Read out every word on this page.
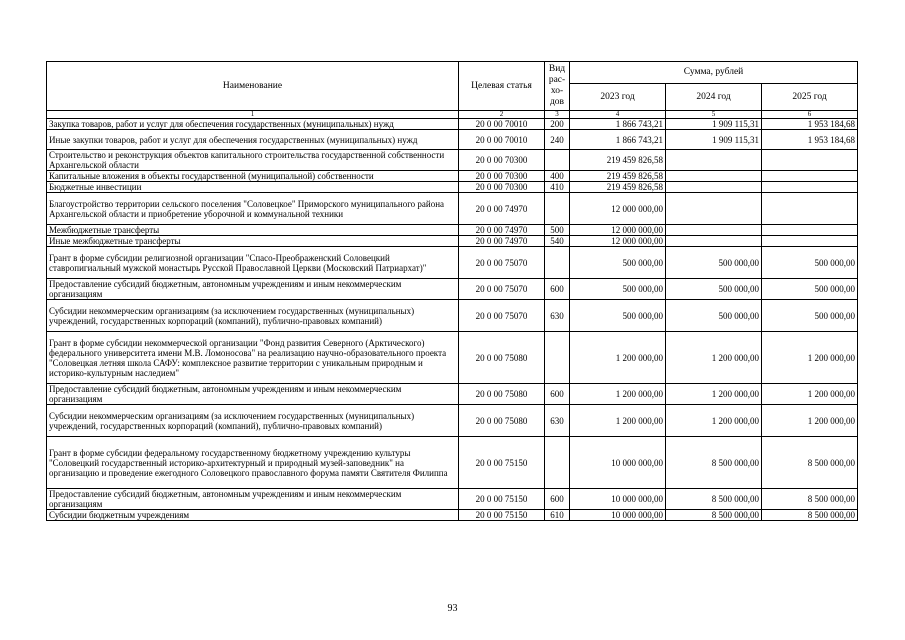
Наименование	Целевая статья	Вид рас-хо-дов	Сумма, рублей		
			2023 год	2024 год	2025 год
1	2	3	4	5	6
Закупка товаров, работ и услуг для обеспечения государственных (муниципальных) нужд	20 0 00 70010	200	1 866 743,21	1 909 115,31	1 953 184,68
Иные закупки товаров, работ и услуг для обеспечения государственных (муниципальных) нужд	20 0 00 70010	240	1 866 743,21	1 909 115,31	1 953 184,68
Строительство и реконструкция объектов капитального строительства государственной собственности Архангельской области	20 0 00 70300		219 459 826,58		
Капитальные вложения в объекты государственной (муниципальной) собственности	20 0 00 70300	400	219 459 826,58		
Бюджетные инвестиции	20 0 00 70300	410	219 459 826,58		
Благоустройство территории сельского поселения "Соловецкое" Приморского муниципального района Архангельской области и приобретение уборочной и коммунальной техники	20 0 00 74970		12 000 000,00		
Межбюджетные трансферты	20 0 00 74970	500	12 000 000,00		
Иные межбюджетные трансферты	20 0 00 74970	540	12 000 000,00		
Грант в форме субсидии религиозной организации "Спасо-Преображенский Соловецкий ставропигиальный мужской монастырь Русской Православной Церкви (Московский Патриархат)"	20 0 00 75070		500 000,00	500 000,00	500 000,00
Предоставление субсидий бюджетным, автономным учреждениям и иным некоммерческим организациям	20 0 00 75070	600	500 000,00	500 000,00	500 000,00
Субсидии некоммерческим организациям (за исключением государственных (муниципальных) учреждений, государственных корпораций (компаний), публично-правовых компаний)	20 0 00 75070	630	500 000,00	500 000,00	500 000,00
Грант в форме субсидии некоммерческой организации "Фонд развития Северного (Арктического) федерального университета имени М.В. Ломоносова" на реализацию научно-образовательного проекта "Соловецкая летняя школа САФУ: комплексное развитие территории с уникальным природным и историко-культурным наследием"	20 0 00 75080		1 200 000,00	1 200 000,00	1 200 000,00
Предоставление субсидий бюджетным, автономным учреждениям и иным некоммерческим организациям	20 0 00 75080	600	1 200 000,00	1 200 000,00	1 200 000,00
Субсидии некоммерческим организациям (за исключением государственных (муниципальных) учреждений, государственных корпораций (компаний), публично-правовых компаний)	20 0 00 75080	630	1 200 000,00	1 200 000,00	1 200 000,00
Грант в форме субсидии федеральному государственному бюджетному учреждению культуры "Соловецкий государственный историко-архитектурный и природный музей-заповедник" на организацию и проведение ежегодного Соловецкого православного форума памяти Святителя Филиппа	20 0 00 75150		10 000 000,00	8 500 000,00	8 500 000,00
Предоставление субсидий бюджетным, автономным учреждениям и иным некоммерческим организациям	20 0 00 75150	600	10 000 000,00	8 500 000,00	8 500 000,00
Субсидии бюджетным учреждениям	20 0 00 75150	610	10 000 000,00	8 500 000,00	8 500 000,00
93
